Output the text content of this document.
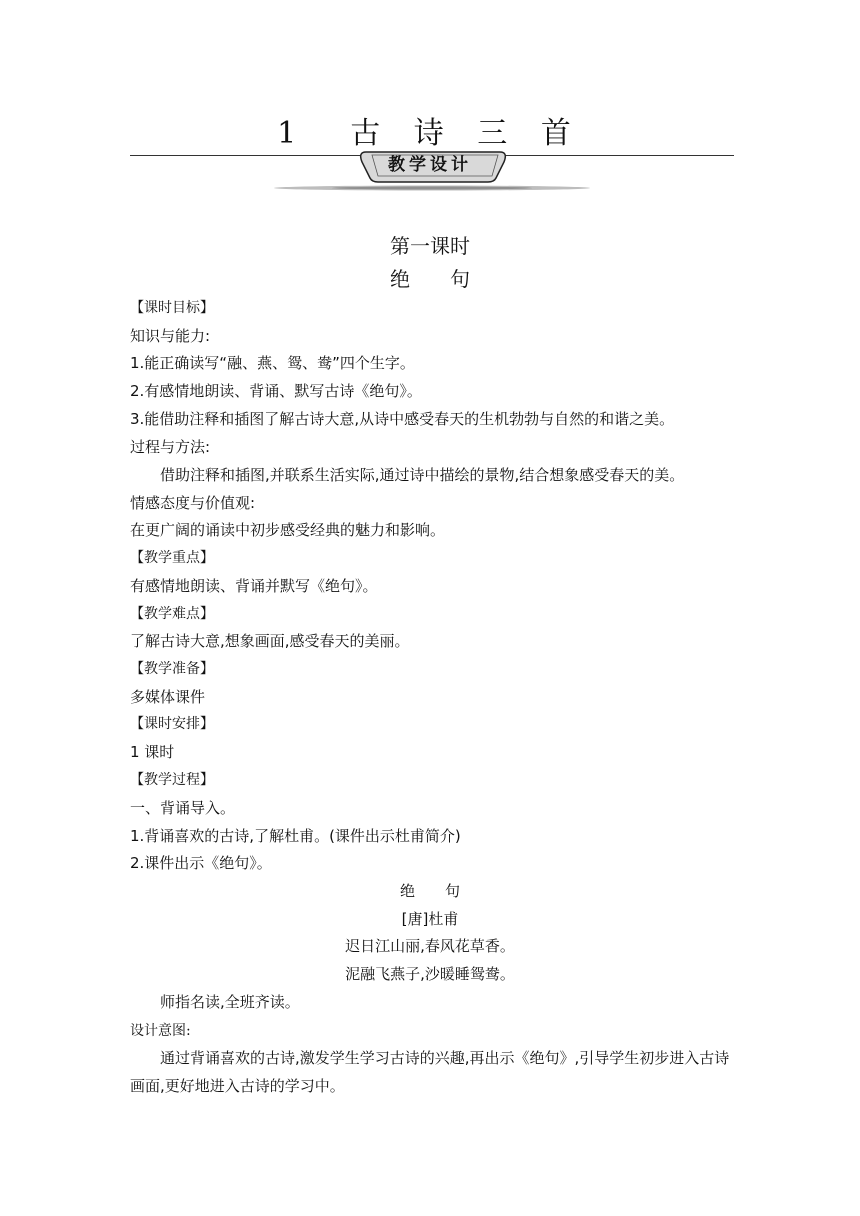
1　古 诗 三 首
教学设计
第一课时
绝　　句
【课时目标】
知识与能力:
1.能正确读写“融、燕、鸳、鸯”四个生字。
2.有感情地朗读、背诵、默写古诗《绝句》。
3.能借助注释和插图了解古诗大意,从诗中感受春天的生机勃勃与自然的和谐之美。
过程与方法:
借助注释和插图,并联系生活实际,通过诗中描绘的景物,结合想象感受春天的美。
情感态度与价值观:
在更广阔的诵读中初步感受经典的魅力和影响。
【教学重点】
有感情地朗读、背诵并默写《绝句》。
【教学难点】
了解古诗大意,想象画面,感受春天的美丽。
【教学准备】
多媒体课件
【课时安排】
1 课时
【教学过程】
一、背诵导入。
1.背诵喜欢的古诗,了解杜甫。(课件出示杜甫简介)
2.课件出示《绝句》。
绝　　句
[唐]杜甫
迟日江山丽,春风花草香。
泥融飞燕子,沙暖睡鸳鸯。
师指名读,全班齐读。
设计意图:
通过背诵喜欢的古诗,激发学生学习古诗的兴趣,再出示《绝句》,引导学生初步进入古诗
画面,更好地进入古诗的学习中。
